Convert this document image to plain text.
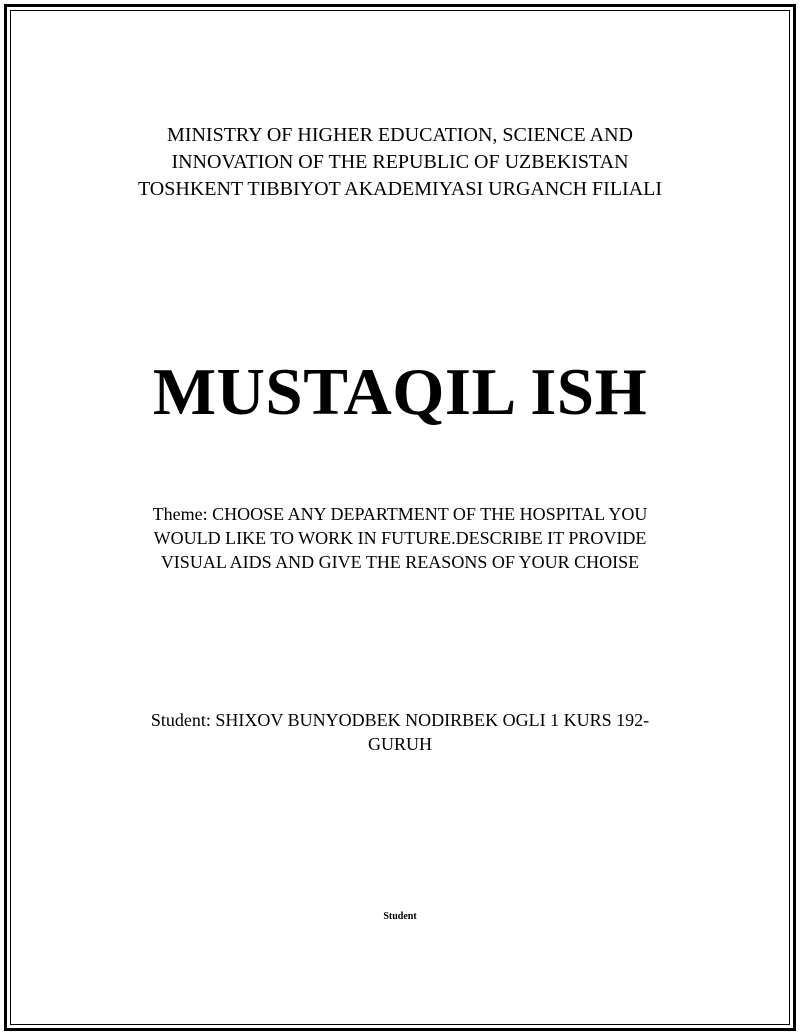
MINISTRY OF HIGHER EDUCATION, SCIENCE AND
INNOVATION OF THE REPUBLIC OF UZBEKISTAN
TOSHKENT TIBBIYOT AKADEMIYASI URGANCH FILIALI
MUSTAQIL ISH
Theme: CHOOSE ANY DEPARTMENT OF THE HOSPITAL YOU WOULD LIKE TO WORK IN FUTURE.DESCRIBE IT PROVIDE VISUAL AIDS AND GIVE THE REASONS OF YOUR CHOISE
Student: SHIXOV BUNYODBEK NODIRBEK OGLI 1 KURS 192-GURUH
Student
